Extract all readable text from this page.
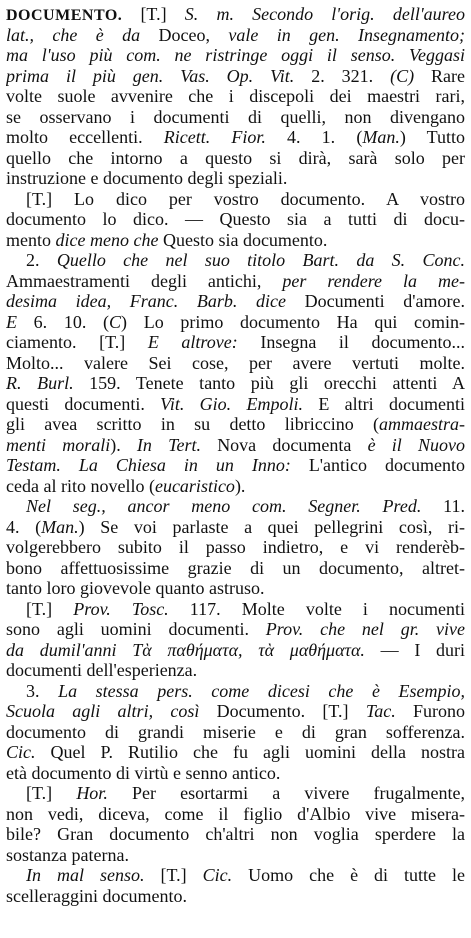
DOCUMENTO. [T.] S. m. Secondo l'orig. dell'aureo
lat., che è da Doceo, vale in gen. Insegnamento;
ma l'uso più com. ne ristringe oggi il senso. Veggasi
prima il più gen. Vas. Op. Vit. 2. 321. (C) Rare
volte suole avvenire che i discepoli dei maestri rari,
se osservano i documenti di quelli, non divengano
molto eccellenti. Ricett. Fior. 4. 1. (Man.) Tutto
quello che intorno a questo si dirà, sarà solo per
instruzione e documento degli speziali.
[T.] Lo dico per vostro documento. A vostro
documento lo dico. — Questo sia a tutti di docu-
mento dice meno che Questo sia documento.
2. Quello che nel suo titolo Bart. da S. Conc.
Ammaestramenti degli antichi, per rendere la me-
desima idea, Franc. Barb. dice Documenti d'amore.
E 6. 10. (C) Lo primo documento Ha qui comin-
ciamento. [T.] E altrove: Insegna il documento...
Molto... valere Sei cose, per avere vertuti molte.
R. Burl. 159. Tenete tanto più gli orecchi attenti A
questi documenti. Vit. Gio. Empoli. E altri documenti
gli avea scritto in su detto libriccino (ammaestra-
menti morali). In Tert. Nova documenta è il Nuovo
Testam. La Chiesa in un Inno: L'antico documento
ceda al rito novello (eucaristico).
Nel seg., ancor meno com. Segner. Pred. 11.
4. (Man.) Se voi parlaste a quei pellegrini così, ri-
volgerebbero subito il passo indietro, e vi renderèb-
bono affettuosissime grazie di un documento, altret-
tanto loro giovevole quanto astruso.
[T.] Prov. Tosc. 117. Molte volte i nocumenti
sono agli uomini documenti. Prov. che nel gr. vive
da dumil'anni Τὰ παθήματα, τὰ μαθήματα. — I duri
documenti dell'esperienza.
3. La stessa pers. come dicesi che è Esempio,
Scuola agli altri, così Documento. [T.] Tac. Furono
documento di grandi miserie e di gran sofferenza.
Cic. Quel P. Rutilio che fu agli uomini della nostra
età documento di virtù e senno antico.
[T.] Hor. Per esortarmi a vivere frugalmente,
non vedi, diceva, come il figlio d'Albio vive misera-
bile? Gran documento ch'altri non voglia sperdere la
sostanza paterna.
In mal senso. [T.] Cic. Uomo che è di tutte le
scelleraggini documento.
